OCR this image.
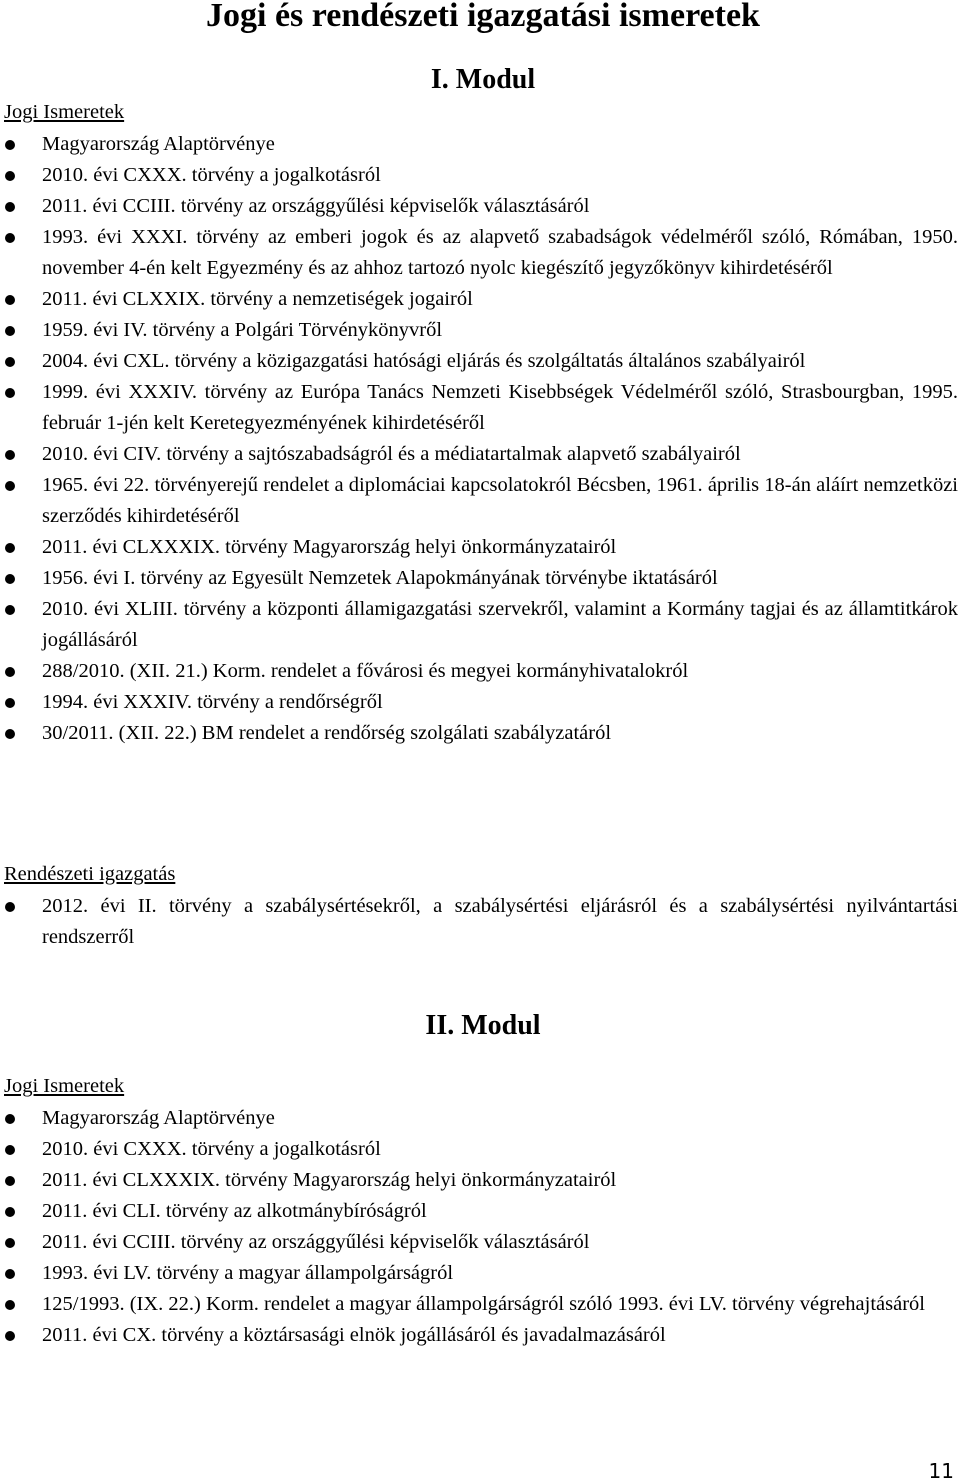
Jogi és rendészeti igazgatási ismeretek
I. Modul
Jogi Ismeretek
Magyarország Alaptörvénye
2010. évi CXXX. törvény a jogalkotásról
2011. évi CCIII. törvény az országgyűlési képviselők választásáról
1993. évi XXXI. törvény az emberi jogok és az alapvető szabadságok védelméről szóló, Rómában, 1950. november 4-én kelt Egyezmény és az ahhoz tartozó nyolc kiegészítő jegyzőkönyv kihirdetéséről
2011. évi CLXXIX. törvény a nemzetiségek jogairól
1959. évi IV. törvény a Polgári Törvénykönyvről
2004. évi CXL. törvény a közigazgatási hatósági eljárás és szolgáltatás általános szabályairól
1999. évi XXXIV. törvény az Európa Tanács Nemzeti Kisebbségek Védelméről szóló, Strasbourgban, 1995. február 1-jén kelt Keretegyezményének kihirdetéséről
2010. évi CIV. törvény a sajtószabadságról és a médiatartalmak alapvető szabályairól
1965. évi 22. törvényerejű rendelet a diplomáciai kapcsolatokról Bécsben, 1961. április 18-án aláírt nemzetközi szerződés kihirdetéséről
2011. évi CLXXXIX. törvény Magyarország helyi önkormányzatairól
1956. évi I. törvény az Egyesült Nemzetek Alapokmányának törvénybe iktatásáról
2010. évi XLIII. törvény a központi államigazgatási szervekről, valamint a Kormány tagjai és az államtitkárok jogállásáról
288/2010. (XII. 21.) Korm. rendelet a fővárosi és megyei kormányhivatalokról
1994. évi XXXIV. törvény a rendőrségről
30/2011. (XII. 22.) BM rendelet a rendőrség szolgálati szabályzatáról
Rendészeti igazgatás
2012. évi II. törvény a szabálysértésekről, a szabálysértési eljárásról és a szabálysértési nyilvántartási rendszerről
II. Modul
Jogi Ismeretek
Magyarország Alaptörvénye
2010. évi CXXX. törvény a jogalkotásról
2011. évi CLXXXIX. törvény Magyarország helyi önkormányzatairól
2011. évi CLI. törvény az alkotmánybíróságról
2011. évi CCIII. törvény az országgyűlési képviselők választásáról
1993. évi LV. törvény a magyar állampolgárságról
125/1993. (IX. 22.) Korm. rendelet a magyar állampolgárságról szóló 1993. évi LV. törvény végrehajtásáról
2011. évi CX. törvény a köztársasági elnök jogállásáról és javadalmazásáról
11
